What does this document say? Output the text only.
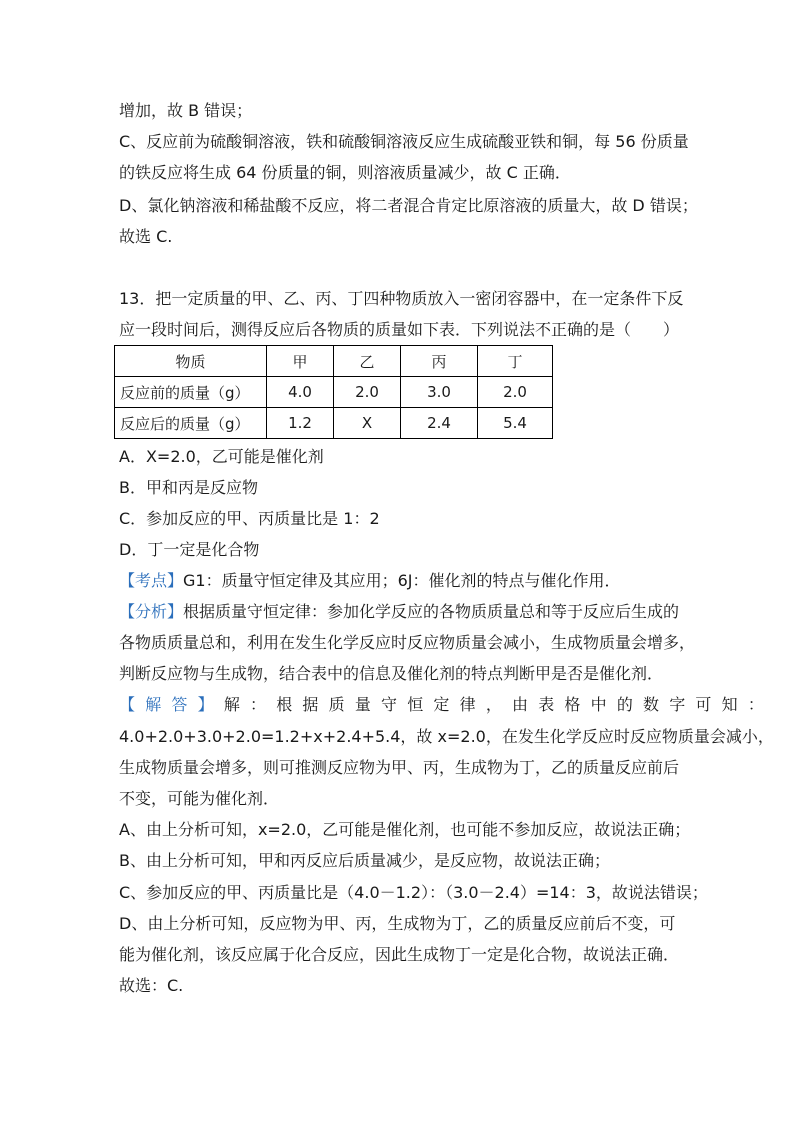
增加，故 B 错误；
C、反应前为硫酸铜溶液，铁和硫酸铜溶液反应生成硫酸亚铁和铜，每 56 份质量
的铁反应将生成 64 份质量的铜，则溶液质量减少，故 C 正确．
D、氯化钠溶液和稀盐酸不反应，将二者混合肯定比原溶液的质量大，故 D 错误；
故选 C.
13．把一定质量的甲、乙、丙、丁四种物质放入一密闭容器中，在一定条件下反
应一段时间后，测得反应后各物质的质量如下表．下列说法不正确的是（　　）
物质	甲	乙	丙	丁
反应前的质量（g）	4.0	2.0	3.0	2.0
反应后的质量（g）	1.2	X	2.4	5.4
A．X=2.0，乙可能是催化剂
B．甲和丙是反应物
C．参加反应的甲、丙质量比是 1：2
D．丁一定是化合物
【考点】G1：质量守恒定律及其应用；6J：催化剂的特点与催化作用．
【分析】根据质量守恒定律：参加化学反应的各物质质量总和等于反应后生成的
各物质质量总和，利用在发生化学反应时反应物质量会减小，生成物质量会增多，
判断反应物与生成物，结合表中的信息及催化剂的特点判断甲是否是催化剂．
【解答】解：根据质量守恒定律，由表格中的数字可知：
4.0+2.0+3.0+2.0=1.2+x+2.4+5.4，故 x=2.0，在发生化学反应时反应物质量会减小，
生成物质量会增多，则可推测反应物为甲、丙，生成物为丁，乙的质量反应前后
不变，可能为催化剂．
A、由上分析可知，x=2.0，乙可能是催化剂，也可能不参加反应，故说法正确；
B、由上分析可知，甲和丙反应后质量减少，是反应物，故说法正确；
C、参加反应的甲、丙质量比是（4.0－1.2）：（3.0－2.4）=14：3，故说法错误；
D、由上分析可知，反应物为甲、丙，生成物为丁，乙的质量反应前后不变，可
能为催化剂，该反应属于化合反应，因此生成物丁一定是化合物，故说法正确．
故选：C.
